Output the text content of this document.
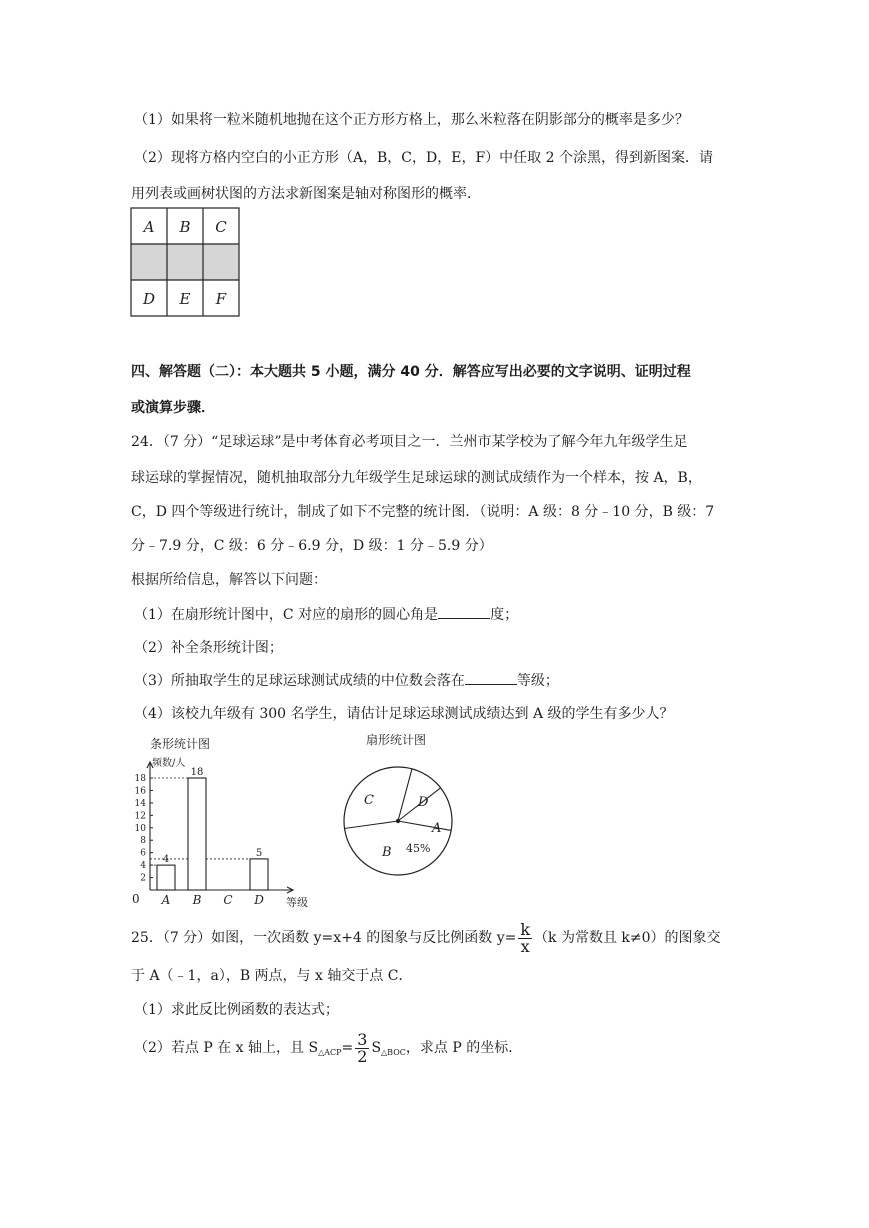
（1）如果将一粒米随机地抛在这个正方形方格上，那么米粒落在阴影部分的概率是多少？
（2）现将方格内空白的小正方形（A，B，C，D，E，F）中任取 2 个涂黑，得到新图案．请
用列表或画树状图的方法求新图案是轴对称图形的概率．
A B C
D E F
四、解答题（二）：本大题共 5 小题，满分 40 分．解答应写出必要的文字说明、证明过程
或演算步骤．
24．（7 分）“足球运球”是中考体育必考项目之一．兰州市某学校为了解今年九年级学生足
球运球的掌握情况，随机抽取部分九年级学生足球运球的测试成绩作为一个样本，按 A，B，
C，D 四个等级进行统计，制成了如下不完整的统计图．（说明：A 级：8 分﹣10 分，B 级：7
分﹣7.9 分，C 级：6 分﹣6.9 分，D 级：1 分﹣5.9 分）
根据所给信息，解答以下问题：
（1）在扇形统计图中，C 对应的扇形的圆心角是	度；
（2）补全条形统计图；
（3）所抽取学生的足球运球测试成绩的中位数会落在	等级；
（4）该校九年级有 300 名学生，请估计足球运球测试成绩达到 A 级的学生有多少人？
条形统计图
频数/人
2
4
6
8
10
12
14
16
18
4
A
18
B C
5
D 等级
0
扇形统计图
C	D
A
B 45%
25．（7 分）如图，一次函数 y=x+4 的图象与反比例函数 $y= \frac{k}{x} (k$ 为常数且 k≠0）的图象交
于 A（﹣1，a），B 两点，与 x 轴交于点 C．
（1）求此反比例函数的表达式；
（2）若点 P 在 x 轴上，且 $S_{\triangle ACP}= \frac{3}{2} S_{\triangle BOC}$，求点 P 的坐标．
